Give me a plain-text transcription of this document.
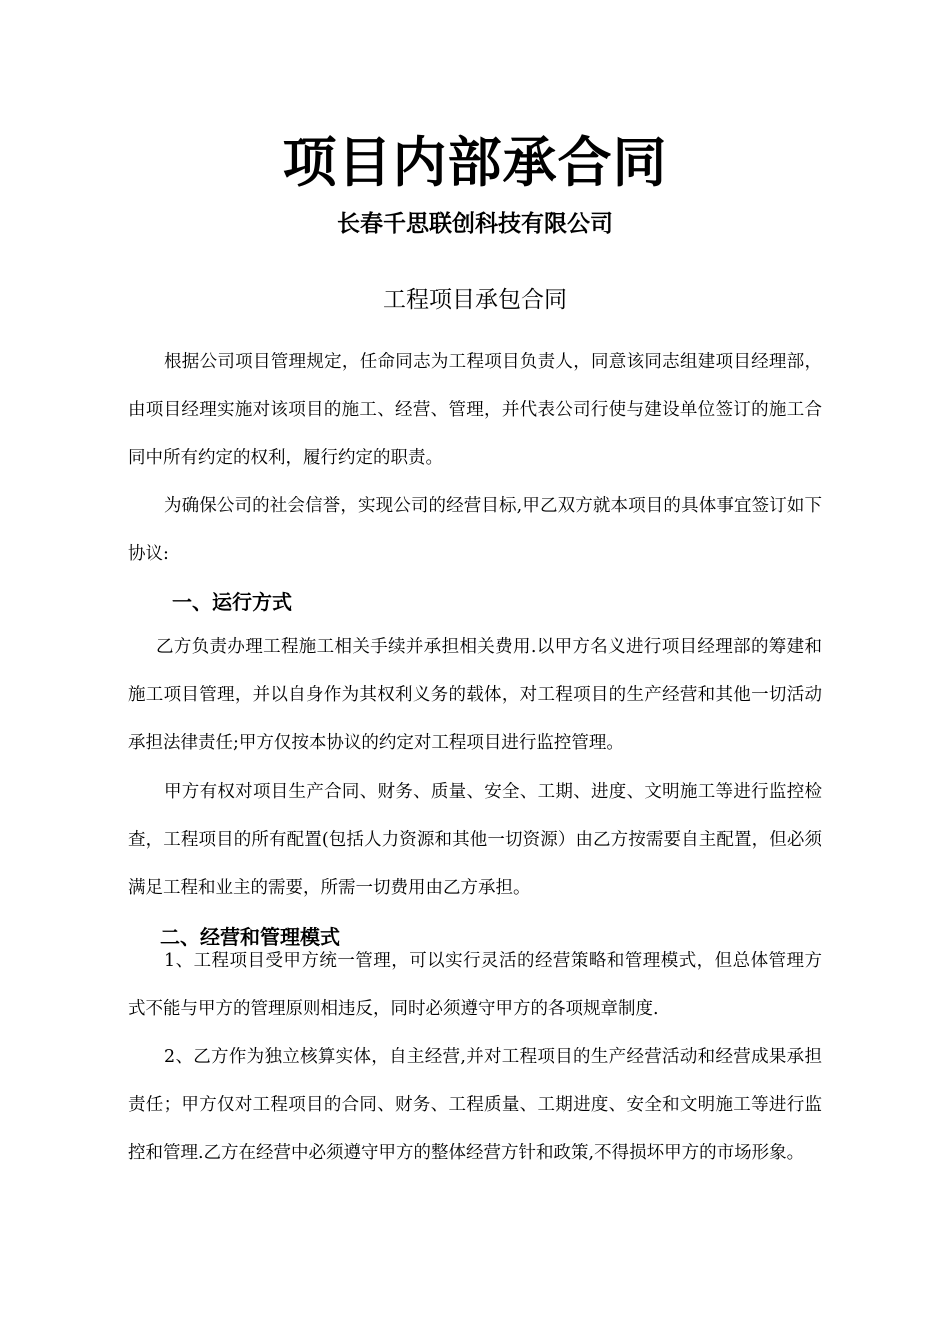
项目内部承合同
长春千思联创科技有限公司
工程项目承包合同
根据公司项目管理规定，任命同志为工程项目负责人，同意该同志组建项目经理部，由项目经理实施对该项目的施工、经营、管理，并代表公司行使与建设单位签订的施工合同中所有约定的权利，履行约定的职责。
为确保公司的社会信誉，实现公司的经营目标,甲乙双方就本项目的具体事宜签订如下协议:
一、运行方式
乙方负责办理工程施工相关手续并承担相关费用.以甲方名义进行项目经理部的筹建和施工项目管理，并以自身作为其权利义务的载体，对工程项目的生产经营和其他一切活动承担法律责任;甲方仅按本协议的约定对工程项目进行监控管理。
甲方有权对项目生产合同、财务、质量、安全、工期、进度、文明施工等进行监控检查，工程项目的所有配置(包括人力资源和其他一切资源）由乙方按需要自主配置，但必须满足工程和业主的需要，所需一切费用由乙方承担。
二、经营和管理模式
1、工程项目受甲方统一管理，可以实行灵活的经营策略和管理模式，但总体管理方式不能与甲方的管理原则相违反，同时必须遵守甲方的各项规章制度.
2、乙方作为独立核算实体，自主经营,并对工程项目的生产经营活动和经营成果承担责任；甲方仅对工程项目的合同、财务、工程质量、工期进度、安全和文明施工等进行监控和管理.乙方在经营中必须遵守甲方的整体经营方针和政策,不得损坏甲方的市场形象。
